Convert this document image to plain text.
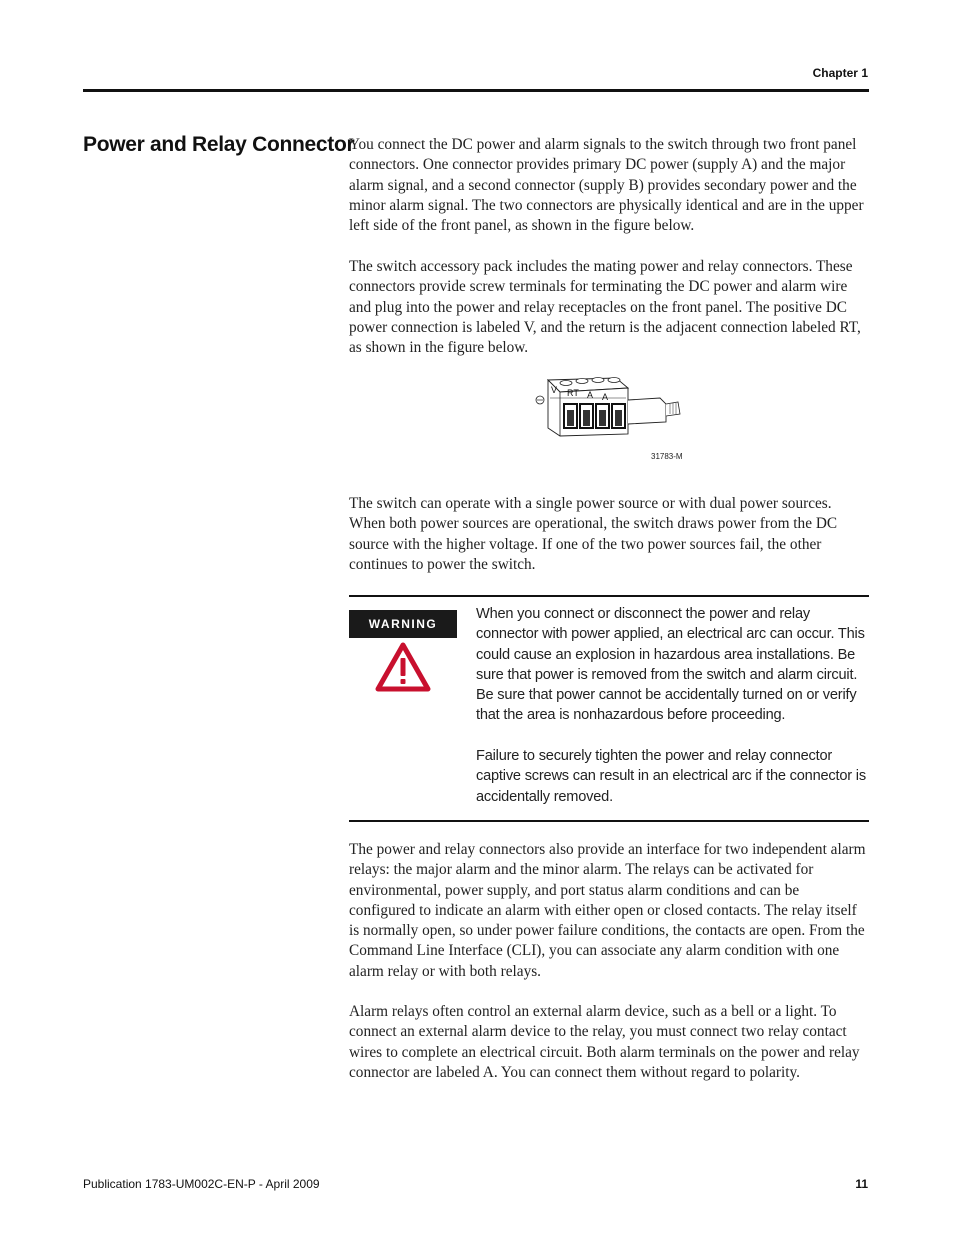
Chapter 1
Power and Relay Connector

You connect the DC power and alarm signals to the switch through two front panel connectors. One connector provides primary DC power (supply A) and the major alarm signal, and a second connector (supply B) provides secondary power and the minor alarm signal. The two connectors are physically identical and are in the upper left side of the front panel, as shown in the figure below.

The switch accessory pack includes the mating power and relay connectors. These connectors provide screw terminals for terminating the DC power and alarm wire and plug into the power and relay receptacles on the front panel. The positive DC power connection is labeled V, and the return is the adjacent connection labeled RT, as shown in the figure below.

V RT A A
31783-M

The switch can operate with a single power source or with dual power sources. When both power sources are operational, the switch draws power from the DC source with the higher voltage. If one of the two power sources fail, the other continues to power the switch.

WARNING

When you connect or disconnect the power and relay connector with power applied, an electrical arc can occur. This could cause an explosion in hazardous area installations. Be sure that power is removed from the switch and alarm circuit. Be sure that power cannot be accidentally turned on or verify that the area is nonhazardous before proceeding.

Failure to securely tighten the power and relay connector captive screws can result in an electrical arc if the connector is accidentally removed.

The power and relay connectors also provide an interface for two independent alarm relays: the major alarm and the minor alarm. The relays can be activated for environmental, power supply, and port status alarm conditions and can be configured to indicate an alarm with either open or closed contacts. The relay itself is normally open, so under power failure conditions, the contacts are open. From the Command Line Interface (CLI), you can associate any alarm condition with one alarm relay or with both relays.

Alarm relays often control an external alarm device, such as a bell or a light. To connect an external alarm device to the relay, you must connect two relay contact wires to complete an electrical circuit. Both alarm terminals on the power and relay connector are labeled A. You can connect them without regard to polarity.

Publication 1783-UM002C-EN-P - April 2009	11
